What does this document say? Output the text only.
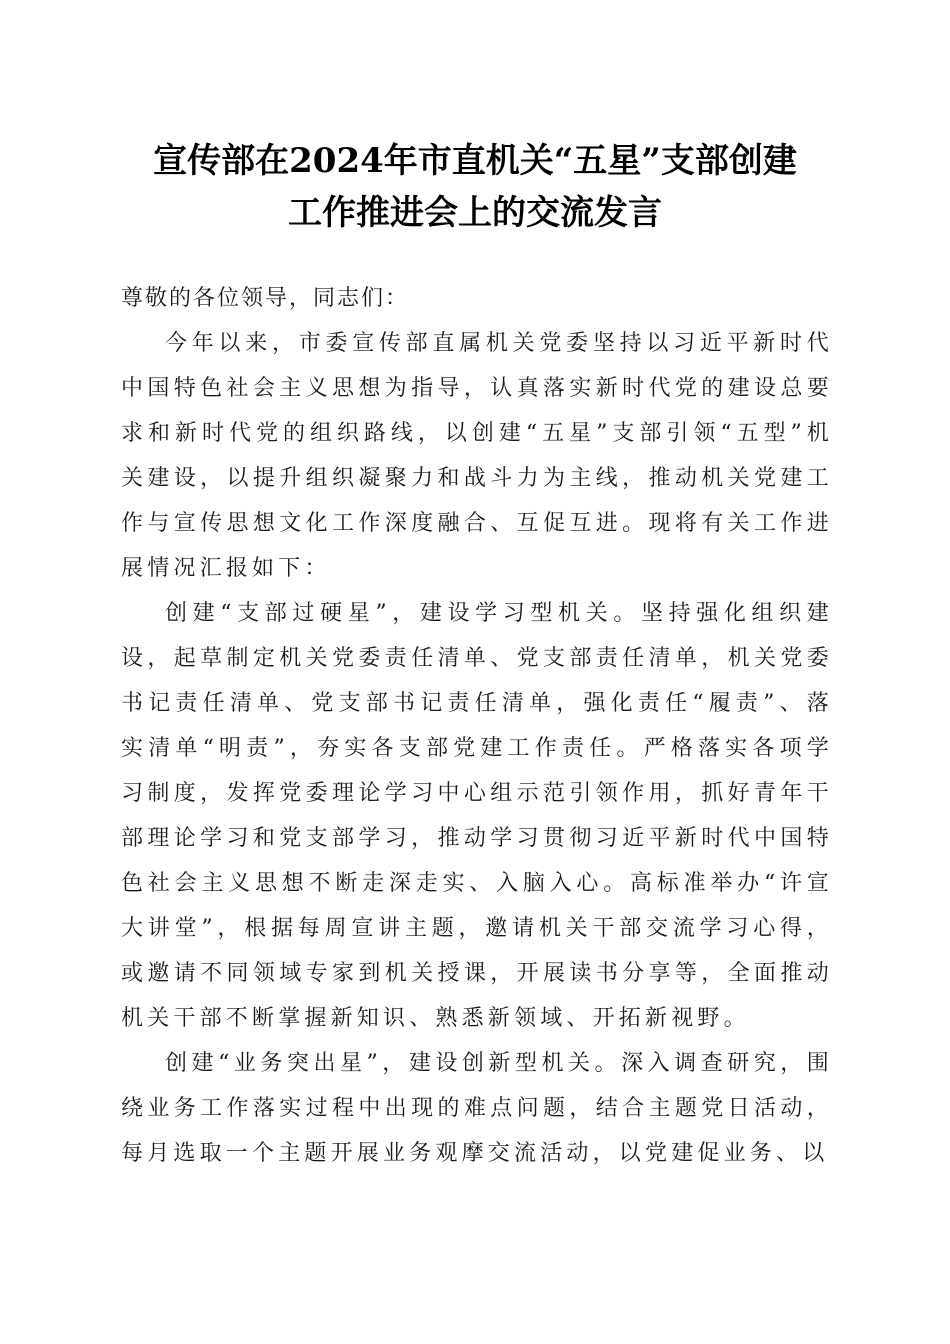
宣传部在2024年市直机关“五星”支部创建
工作推进会上的交流发言

尊敬的各位领导，同志们：

今年以来，市委宣传部直属机关党委坚持以习近平新时代中国特色社会主义思想为指导，认真落实新时代党的建设总要求和新时代党的组织路线，以创建“五星”支部引领“五型”机关建设，以提升组织凝聚力和战斗力为主线，推动机关党建工作与宣传思想文化工作深度融合、互促互进。现将有关工作进展情况汇报如下：

创建“支部过硬星”，建设学习型机关。坚持强化组织建设，起草制定机关党委责任清单、党支部责任清单，机关党委书记责任清单、党支部书记责任清单，强化责任“履责”、落实清单“明责”，夯实各支部党建工作责任。严格落实各项学习制度，发挥党委理论学习中心组示范引领作用，抓好青年干部理论学习和党支部学习，推动学习贯彻习近平新时代中国特色社会主义思想不断走深走实、入脑入心。高标准举办“许宣大讲堂”，根据每周宣讲主题，邀请机关干部交流学习心得，或邀请不同领域专家到机关授课，开展读书分享等，全面推动机关干部不断掌握新知识、熟悉新领域、开拓新视野。

创建“业务突出星”，建设创新型机关。深入调查研究，围绕业务工作落实过程中出现的难点问题，结合主题党日活动，每月选取一个主题开展业务观摩交流活动，以党建促业务、以
